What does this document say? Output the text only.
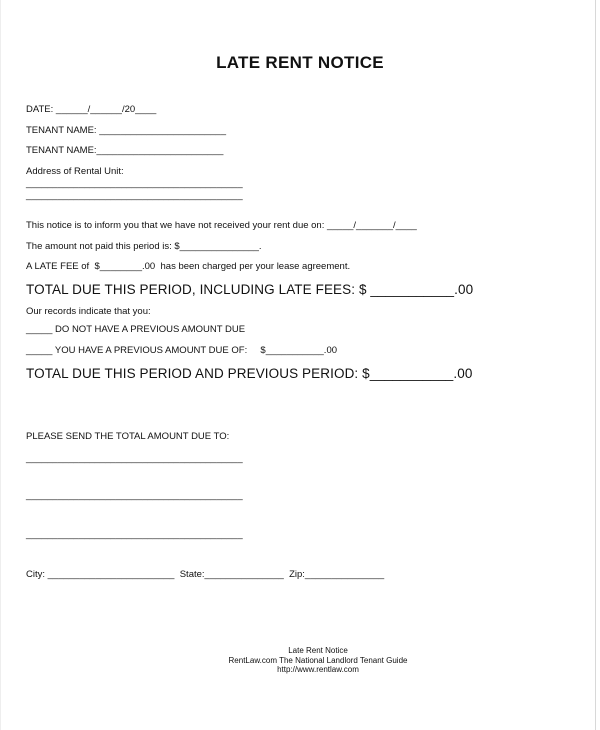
LATE RENT NOTICE
DATE: ______/______/20____
TENANT NAME: ________________________
TENANT NAME:________________________
Address of Rental Unit:
_________________________________________
_________________________________________
This notice is to inform you that we have not received your rent due on: _____/_______/____
The amount not paid this period is: $_______________.
A LATE FEE of  $________.00  has been charged per your lease agreement.
TOTAL DUE THIS PERIOD, INCLUDING LATE FEES: $ ___________.00
Our records indicate that you:
_____ DO NOT HAVE A PREVIOUS AMOUNT DUE
_____ YOU HAVE A PREVIOUS AMOUNT DUE OF:     $___________.00
TOTAL DUE THIS PERIOD AND PREVIOUS PERIOD: $___________.00
PLEASE SEND THE TOTAL AMOUNT DUE TO:
_________________________________________
_________________________________________
_________________________________________
City: ________________________  State:_______________  Zip:_______________
Late Rent Notice
RentLaw.com The National Landlord Tenant Guide
http://www.rentlaw.com
